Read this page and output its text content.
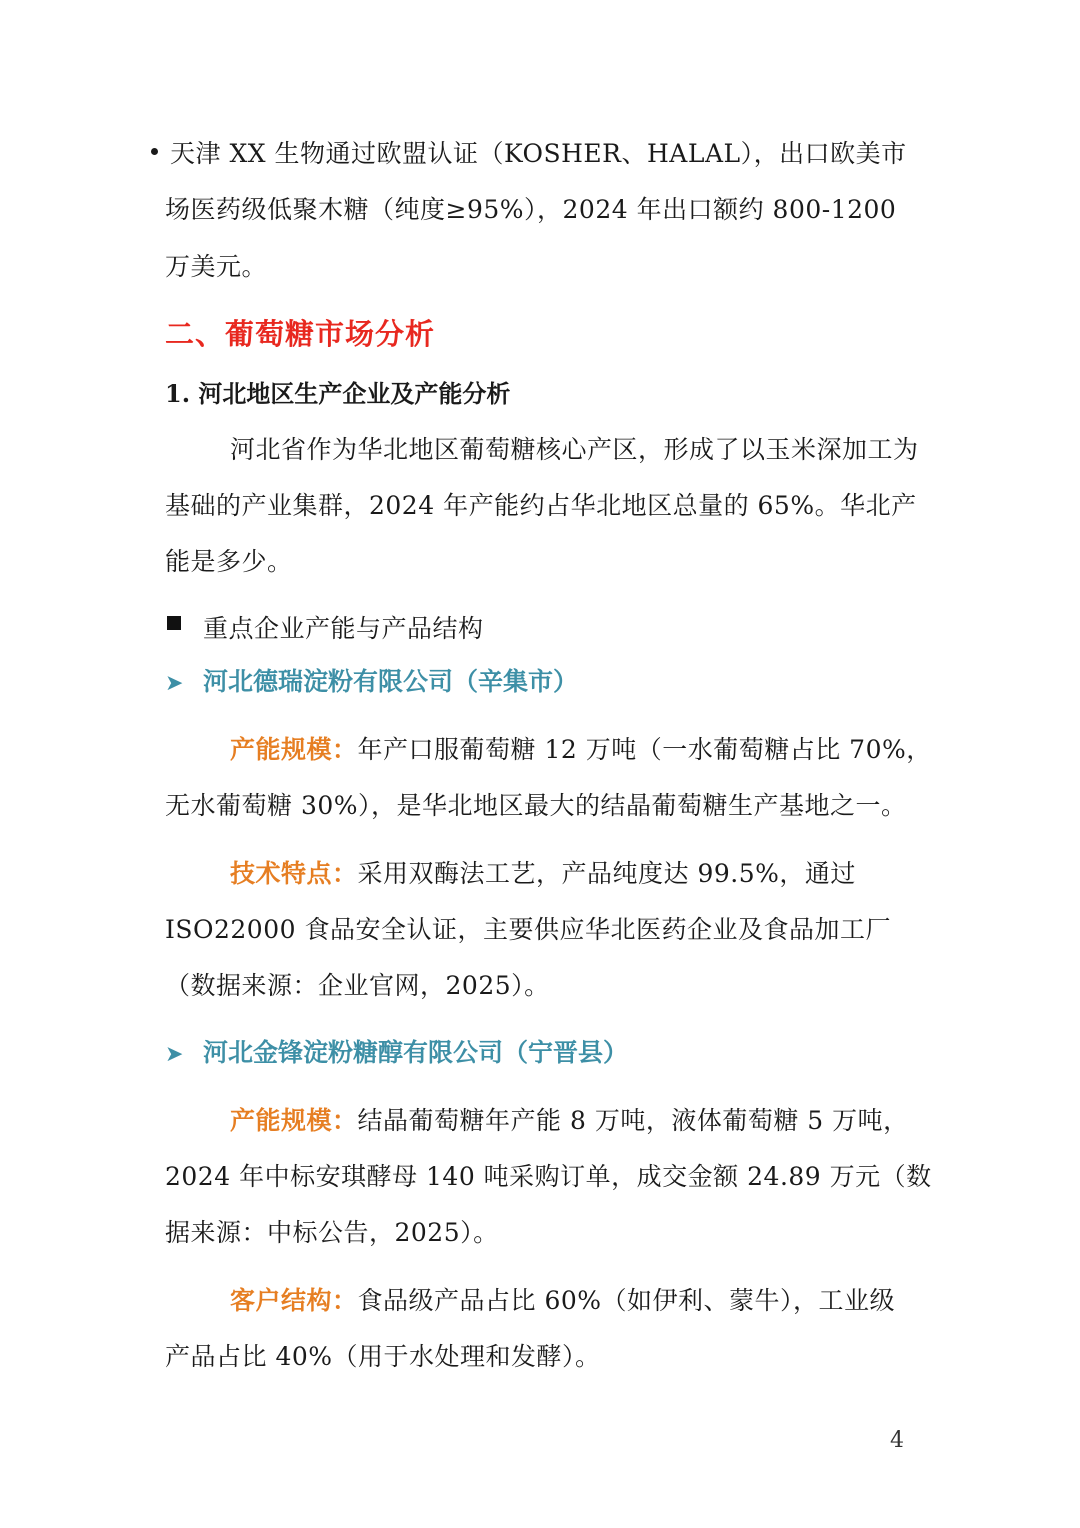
天津 XX 生物通过欧盟认证（KOSHER、HALAL），出口欧美市
场医药级低聚木糖（纯度≥95%），2024 年出口额约 800-1200
万美元。
二、葡萄糖市场分析
1. 河北地区生产企业及产能分析
河北省作为华北地区葡萄糖核心产区，形成了以玉米深加工为
基础的产业集群，2024 年产能约占华北地区总量的 65%。华北产
能是多少。
重点企业产能与产品结构
➤ 河北德瑞淀粉有限公司（辛集市）
产能规模：年产口服葡萄糖 12 万吨（一水葡萄糖占比 70%，
无水葡萄糖 30%），是华北地区最大的结晶葡萄糖生产基地之一。
技术特点：采用双酶法工艺，产品纯度达 99.5%，通过
ISO22000 食品安全认证，主要供应华北医药企业及食品加工厂
（数据来源：企业官网，2025）。
➤ 河北金锋淀粉糖醇有限公司（宁晋县）
产能规模：结晶葡萄糖年产能 8 万吨，液体葡萄糖 5 万吨，
2024 年中标安琪酵母 140 吨采购订单，成交金额 24.89 万元（数
据来源：中标公告，2025）。
客户结构：食品级产品占比 60%（如伊利、蒙牛），工业级
产品占比 40%（用于水处理和发酵）。
4
